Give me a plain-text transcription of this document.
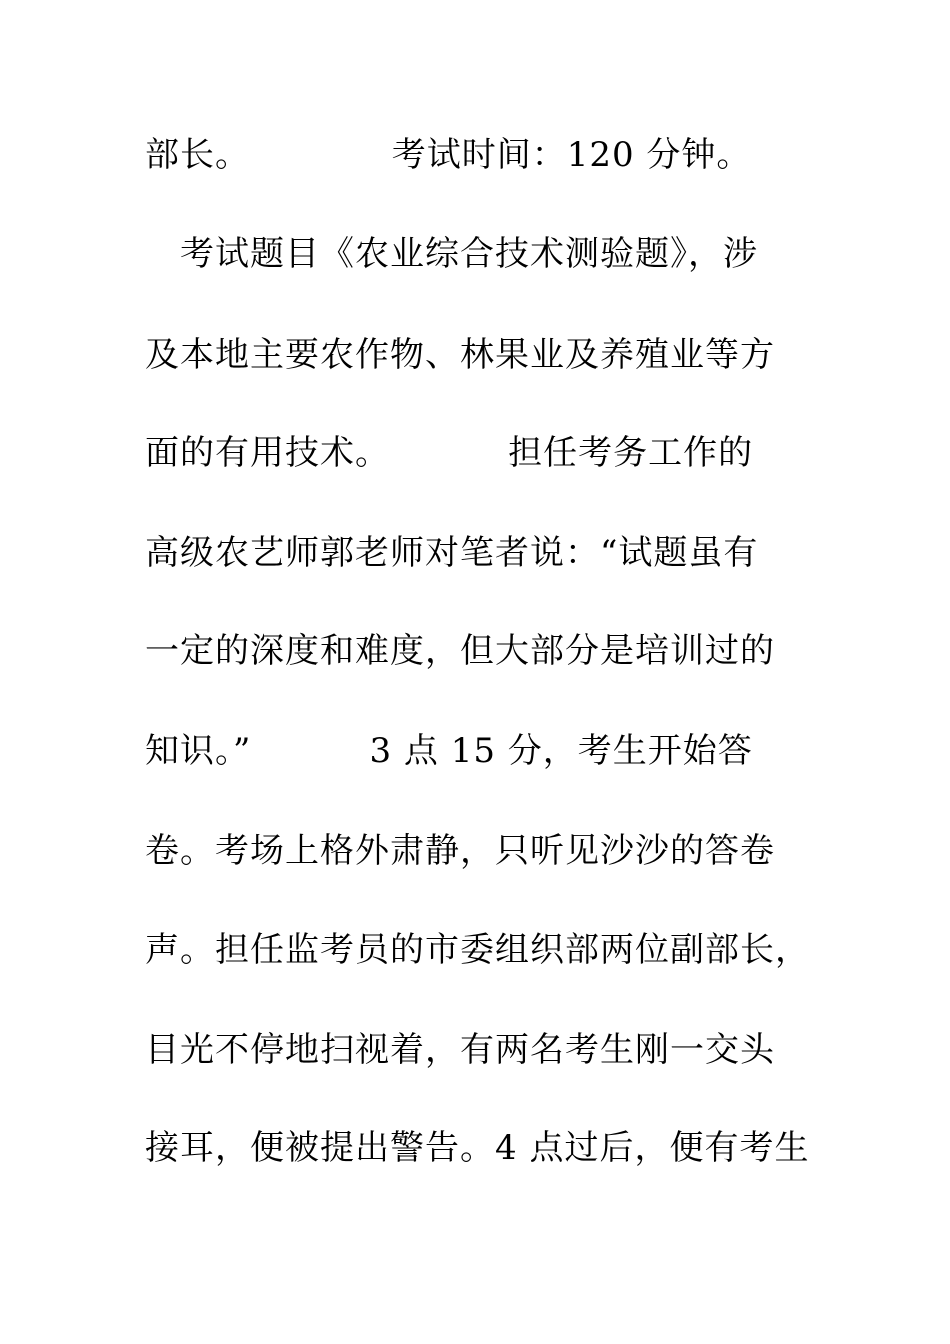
部长。            考试时间：120 分钟。
考试题目《农业综合技术测验题》，涉
及本地主要农作物、林果业及养殖业等方
面的有用技术。          担任考务工作的
高级农艺师郭老师对笔者说：“试题虽有
一定的深度和难度，但大部分是培训过的
知识。”          3 点 15 分，考生开始答
卷。考场上格外肃静，只听见沙沙的答卷
声。担任监考员的市委组织部两位副部长，
目光不停地扫视着，有两名考生刚一交头
接耳，便被提出警告。4 点过后，便有考生
